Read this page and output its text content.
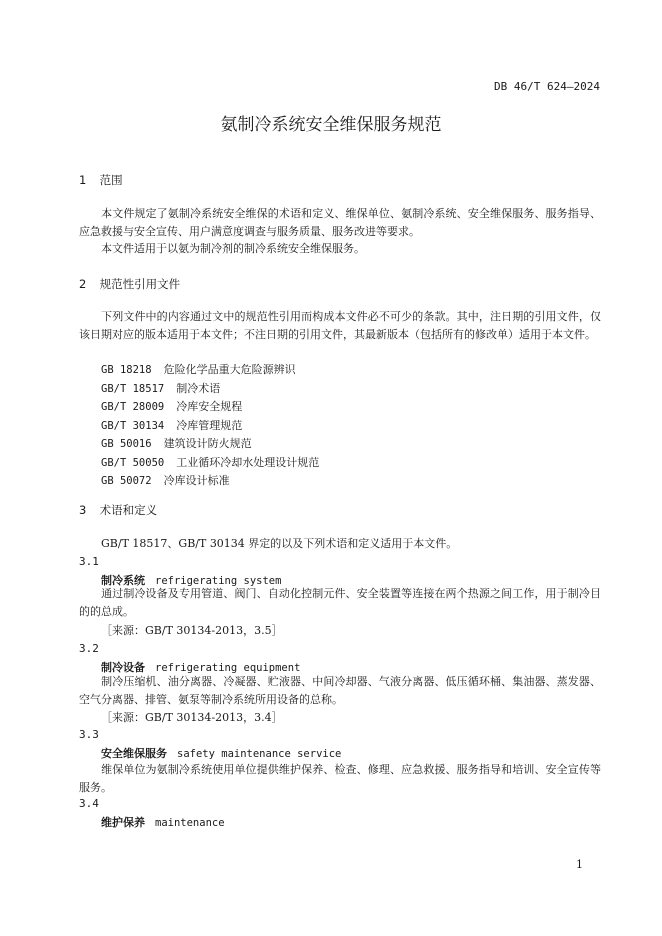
DB 46/T 624—2024
氨制冷系统安全维保服务规范
1 范围
本文件规定了氨制冷系统安全维保的术语和定义、维保单位、氨制冷系统、安全维保服务、服务指导、应急救援与安全宣传、用户满意度调查与服务质量、服务改进等要求。
本文件适用于以氨为制冷剂的制冷系统安全维保服务。
2 规范性引用文件
下列文件中的内容通过文中的规范性引用而构成本文件必不可少的条款。其中，注日期的引用文件，仅该日期对应的版本适用于本文件；不注日期的引用文件，其最新版本（包括所有的修改单）适用于本文件。
GB 18218 危险化学品重大危险源辨识
GB/T 18517 制冷术语
GB/T 28009 冷库安全规程
GB/T 30134 冷库管理规范
GB 50016 建筑设计防火规范
GB/T 50050 工业循环冷却水处理设计规范
GB 50072 冷库设计标准
3 术语和定义
GB/T 18517、GB/T 30134 界定的以及下列术语和定义适用于本文件。
3.1
制冷系统 refrigerating system
通过制冷设备及专用管道、阀门、自动化控制元件、安全装置等连接在两个热源之间工作，用于制冷目的的总成。
［来源：GB/T 30134-2013，3.5］
3.2
制冷设备 refrigerating equipment
制冷压缩机、油分离器、冷凝器、贮液器、中间冷却器、气液分离器、低压循环桶、集油器、蒸发器、空气分离器、排管、氨泵等制冷系统所用设备的总称。
［来源：GB/T 30134-2013，3.4］
3.3
安全维保服务 safety maintenance service
维保单位为氨制冷系统使用单位提供维护保养、检查、修理、应急救援、服务指导和培训、安全宣传等服务。
3.4
维护保养 maintenance
1
